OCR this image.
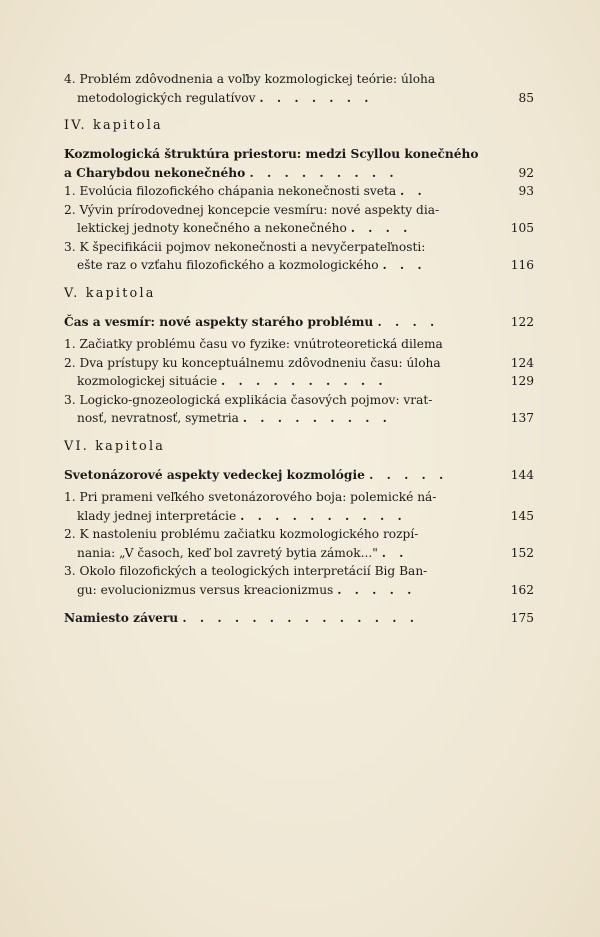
4. Problém zdôvodnenia a voľby kozmologickej teórie: úloha
metodologických regulatívov . . . . . . .	85
IV. kapitola
Kozmologická štruktúra priestoru: medzi Scyllou konečného
a Charybdou nekonečného . . . . . . . . .	92
1. Evolúcia filozofického chápania nekonečnosti sveta . .	93
2. Vývin prírodovednej koncepcie vesmíru: nové aspekty dia-
lektickej jednoty konečného a nekonečného . . . .	105
3. K špecifikácii pojmov nekonečnosti a nevyčerpateľnosti:
ešte raz o vzťahu filozofického a kozmologického . . .	116
V. kapitola
Čas a vesmír: nové aspekty starého problému . . . .	122
1. Začiatky problému času vo fyzike: vnútroteoretická dilema
2. Dva prístupy ku konceptuálnemu zdôvodneniu času: úloha	124
kozmologickej situácie . . . . . . . . . .	129
3. Logicko-gnozeologická explikácia časových pojmov: vrat-
nosť, nevratnosť, symetria . . . . . . . . .	137
VI. kapitola
Svetonázorové aspekty vedeckej kozmológie . . . . .	144
1. Pri prameni veľkého svetonázorového boja: polemické ná-
klady jednej interpretácie . . . . . . . . . .	145
2. K nastoleniu problému začiatku kozmologického rozpí-
nania: „V časoch, keď bol zavretý bytia zámok..." . .	152
3. Okolo filozofických a teologických interpretácií Big Ban-
gu: evolucionizmus versus kreacionizmus . . . . .	162
Namiesto záveru . . . . . . . . . . . . . .	175
